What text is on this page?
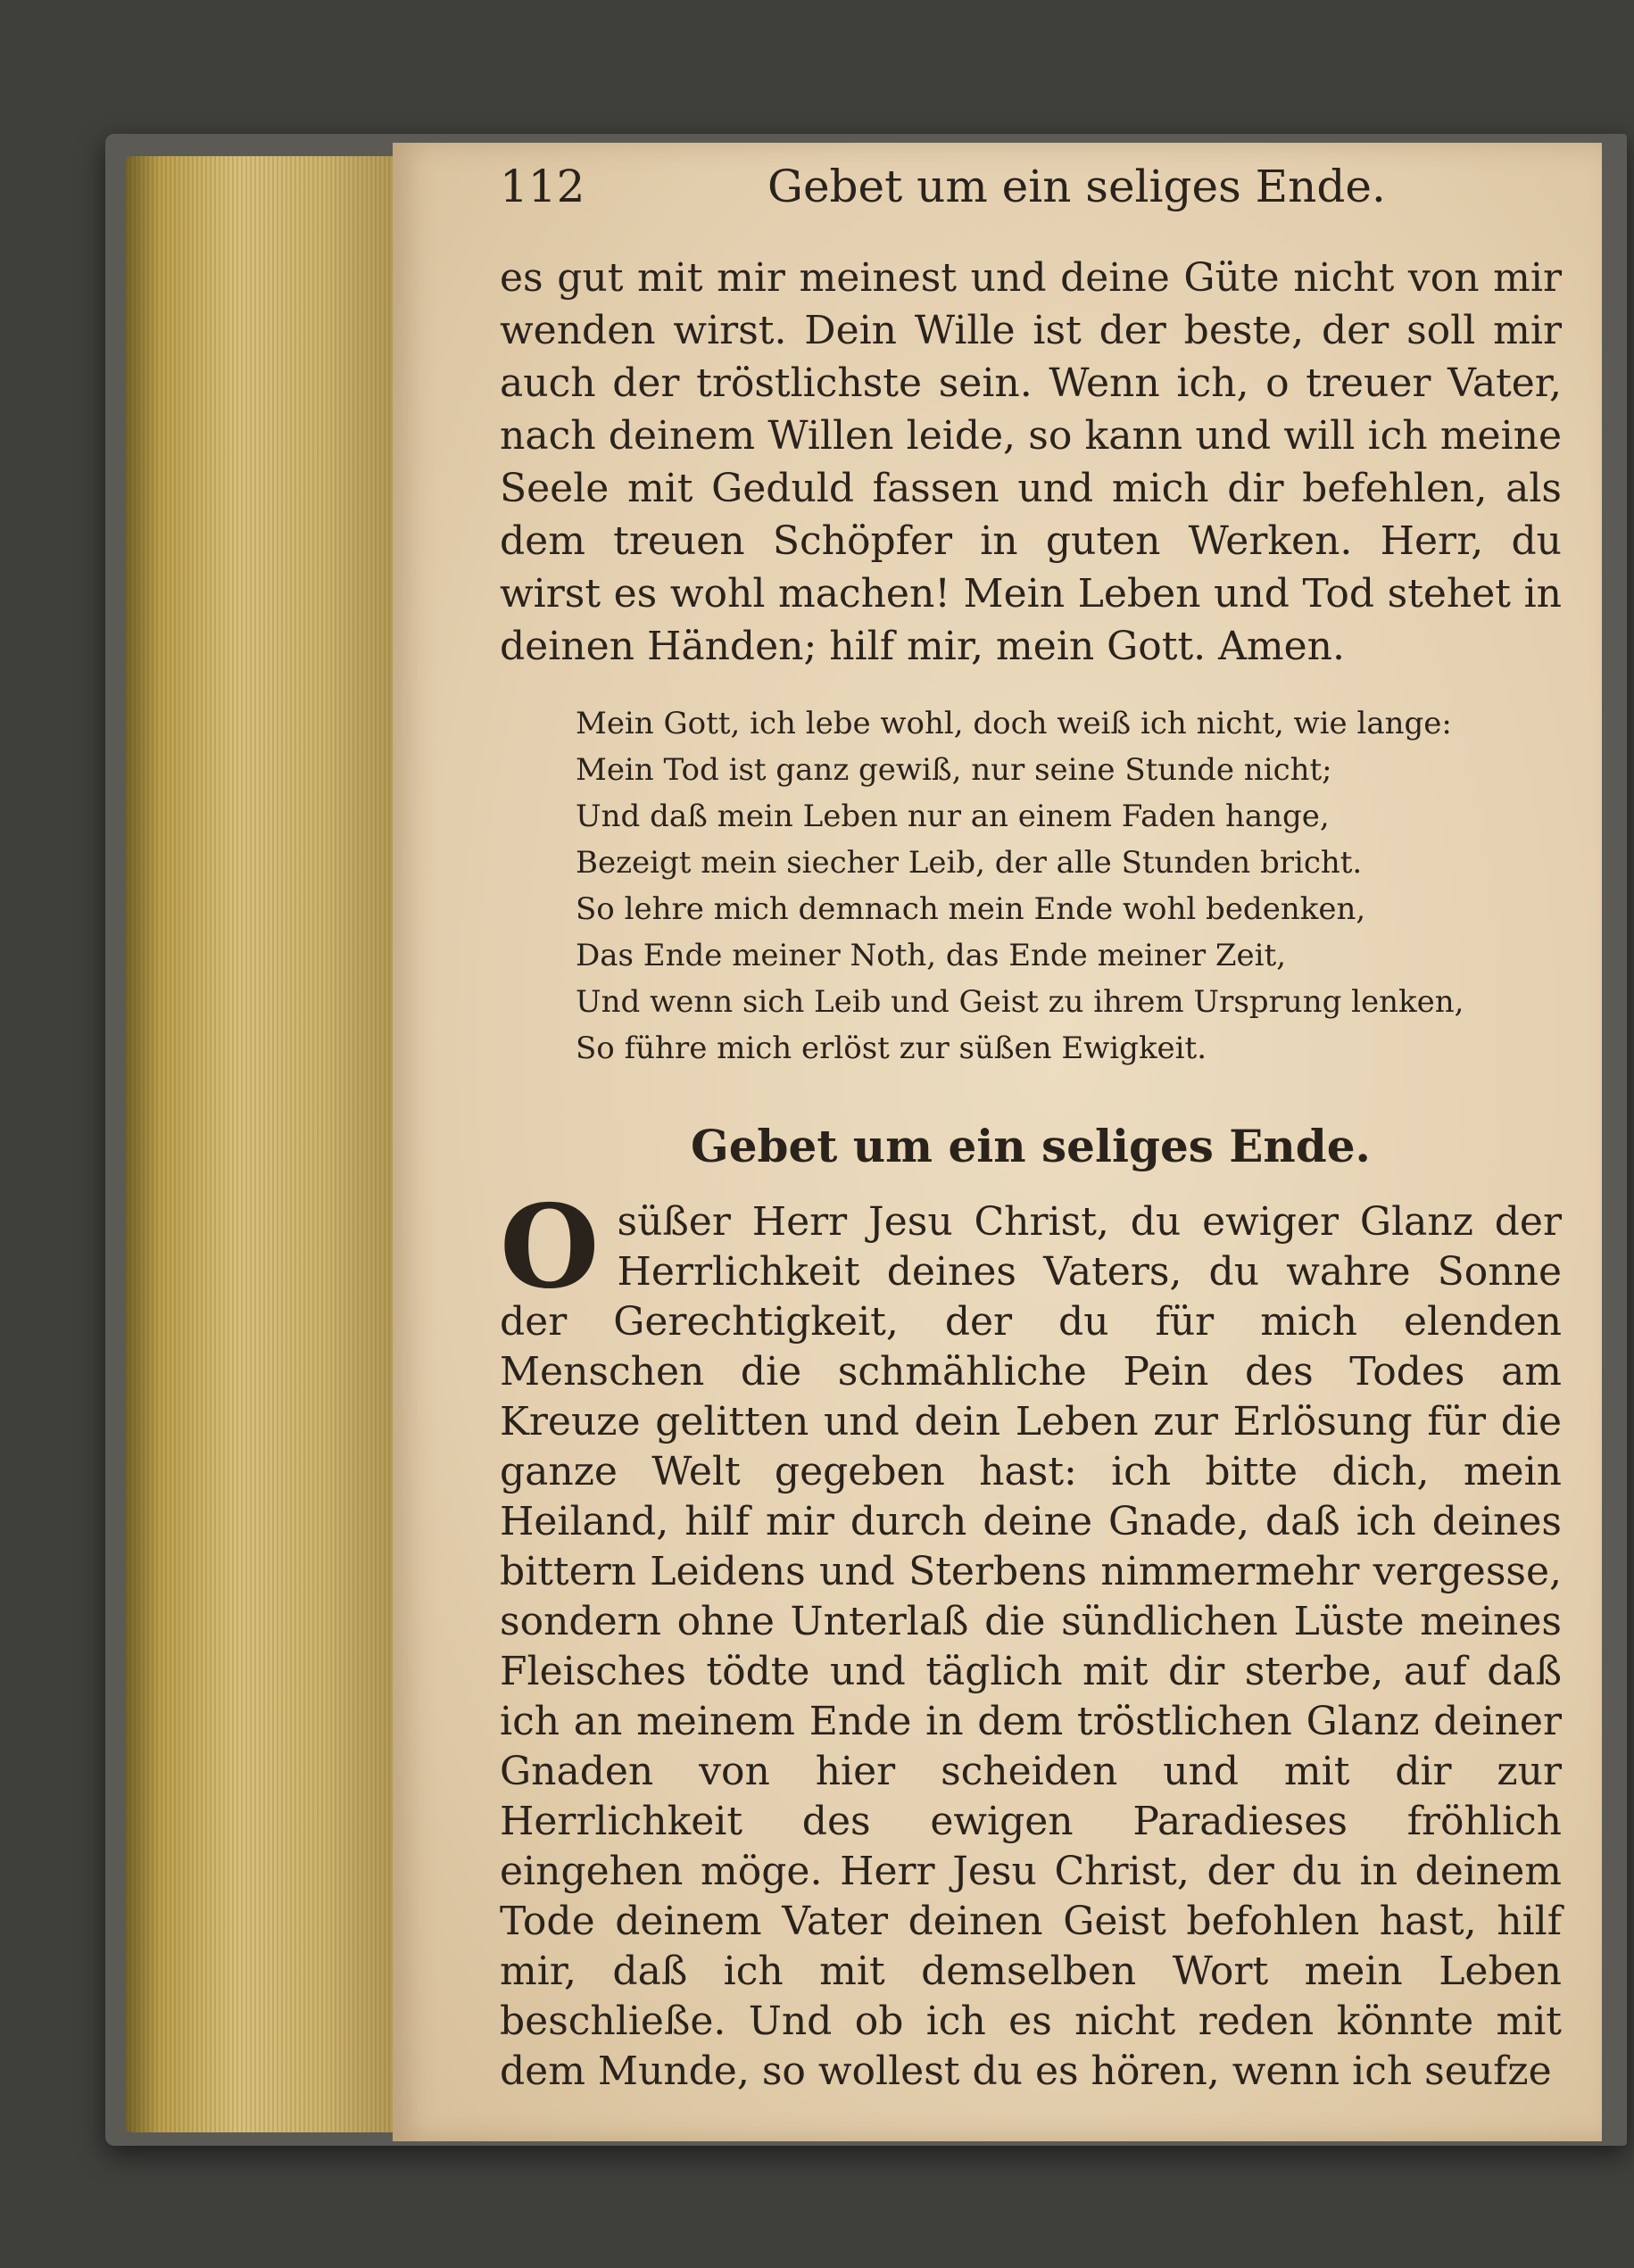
112	Gebet um ein seliges Ende.

es gut mit mir meinest und deine Güte nicht von mir wenden wirst. Dein Wille ist der beste, der soll mir auch der tröstlichste sein. Wenn ich, o treuer Vater, nach deinem Willen leide, so kann und will ich meine Seele mit Geduld fassen und mich dir befehlen, als dem treuen Schöpfer in guten Werken. Herr, du wirst es wohl machen! Mein Leben und Tod stehet in deinen Händen; hilf mir, mein Gott. Amen.

Mein Gott, ich lebe wohl, doch weiß ich nicht, wie lange:
Mein Tod ist ganz gewiß, nur seine Stunde nicht;
Und daß mein Leben nur an einem Faden hange,
Bezeigt mein siecher Leib, der alle Stunden bricht.
So lehre mich demnach mein Ende wohl bedenken,
Das Ende meiner Noth, das Ende meiner Zeit,
Und wenn sich Leib und Geist zu ihrem Ursprung lenken,
So führe mich erlöst zur süßen Ewigkeit.
Gebet um ein seliges Ende.

O süßer Herr Jesu Christ, du ewiger Glanz der Herrlichkeit deines Vaters, du wahre Sonne der Gerechtigkeit, der du für mich elenden Menschen die schmähliche Pein des Todes am Kreuze gelitten und dein Leben zur Erlösung für die ganze Welt gegeben hast: ich bitte dich, mein Heiland, hilf mir durch deine Gnade, daß ich deines bittern Leidens und Sterbens nimmermehr vergesse, sondern ohne Unterlaß die sündlichen Lüste meines Fleisches tödte und täglich mit dir sterbe, auf daß ich an meinem Ende in dem tröstlichen Glanz deiner Gnaden von hier scheiden und mit dir zur Herrlichkeit des ewigen Paradieses fröhlich eingehen möge. Herr Jesu Christ, der du in deinem Tode deinem Vater deinen Geist befohlen hast, hilf mir, daß ich mit demselben Wort mein Leben beschließe. Und ob ich es nicht reden könnte mit dem Munde, so wollest du es hören, wenn ich seufze
